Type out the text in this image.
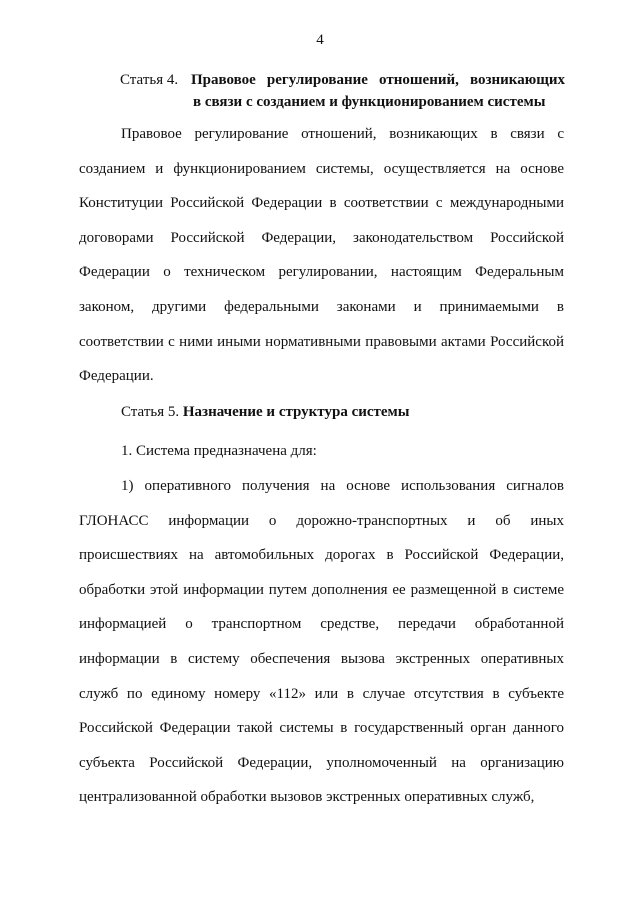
4
Статья 4. Правовое регулирование отношений, возникающих
в связи с созданием и функционированием системы

Правовое регулирование отношений, возникающих в связи с созданием и функционированием системы, осуществляется на основе Конституции Российской Федерации в соответствии с международными договорами Российской Федерации, законодательством Российской Федерации о техническом регулировании, настоящим Федеральным законом, другими федеральными законами и принимаемыми в соответствии с ними иными нормативными правовыми актами Российской Федерации.

Статья 5. Назначение и структура системы
1. Система предназначена для:

1) оперативного получения на основе использования сигналов ГЛОНАСС информации о дорожно-транспортных и об иных происшествиях на автомобильных дорогах в Российской Федерации, обработки этой информации путем дополнения ее размещенной в системе информацией о транспортном средстве, передачи обработанной информации в систему обеспечения вызова экстренных оперативных служб по единому номеру «112» или в случае отсутствия в субъекте Российской Федерации такой системы в государственный орган данного субъекта Российской Федерации, уполномоченный на организацию централизованной обработки вызовов экстренных оперативных служб,
